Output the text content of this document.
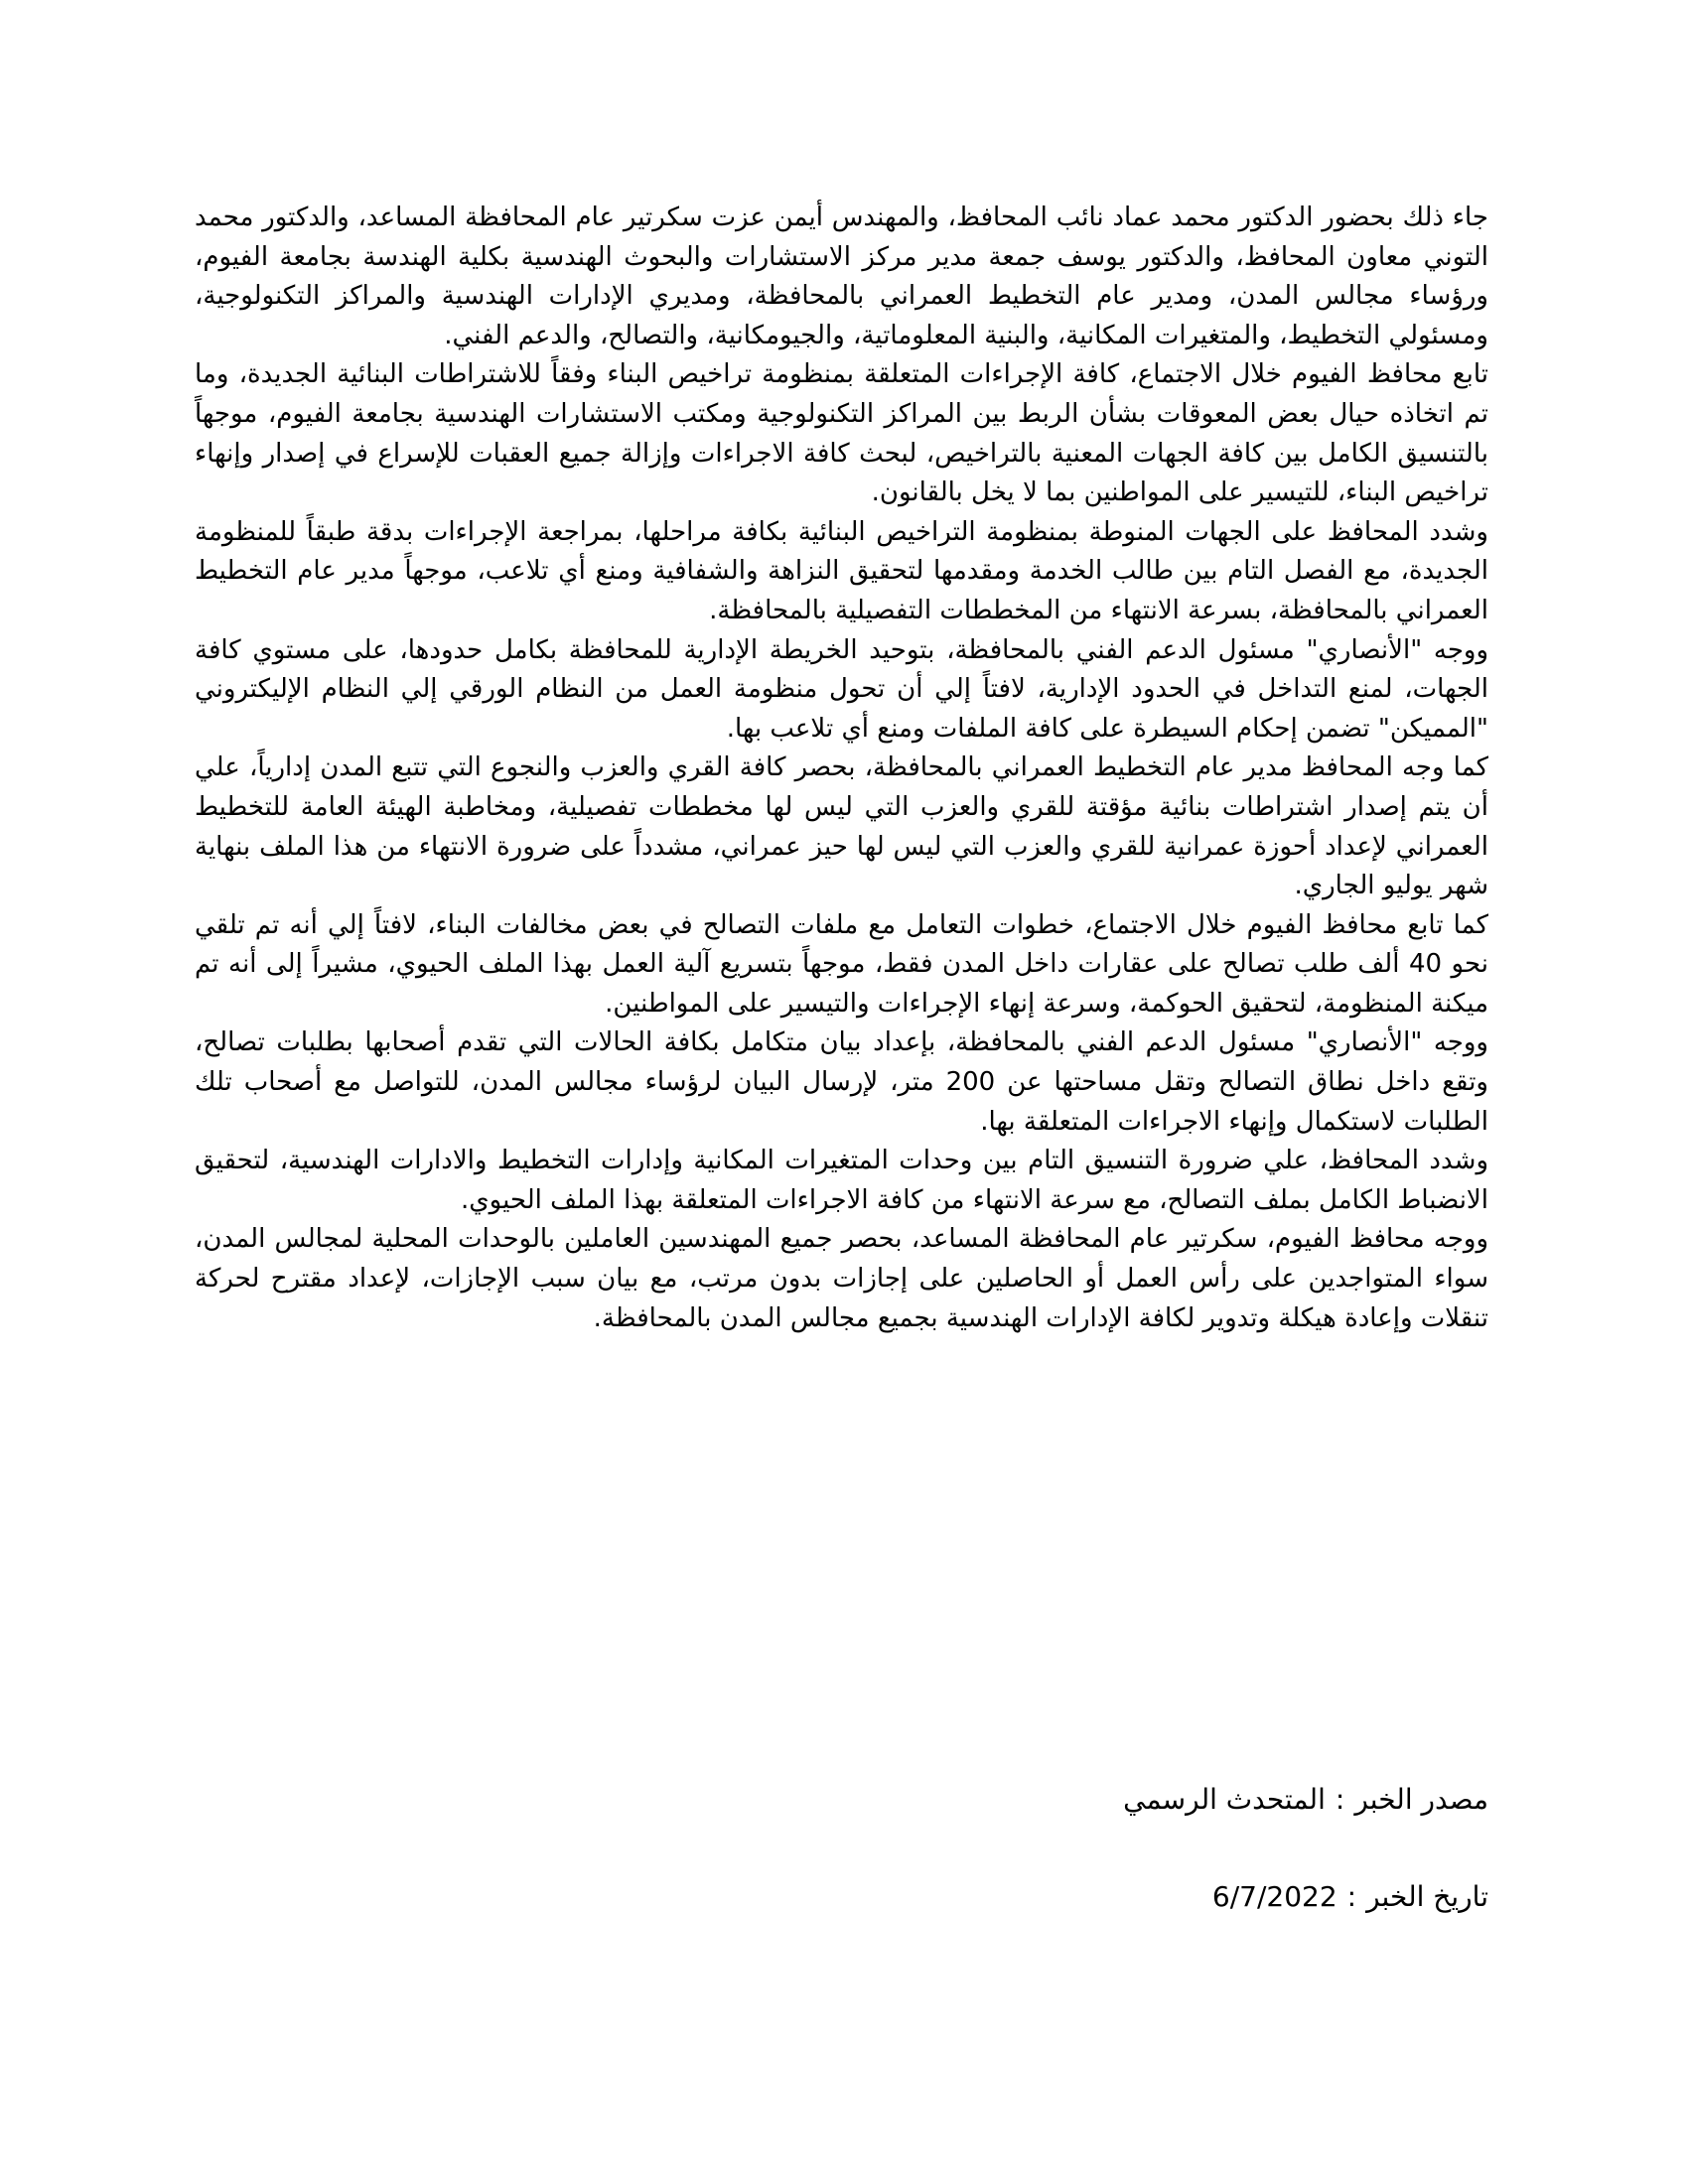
جاء ذلك بحضور الدكتور محمد عماد نائب المحافظ، والمهندس أيمن عزت سكرتير عام المحافظة المساعد، والدكتور محمد التوني معاون المحافظ، والدكتور يوسف جمعة مدير مركز الاستشارات والبحوث الهندسية بكلية الهندسة بجامعة الفيوم، ورؤساء مجالس المدن، ومدير عام التخطيط العمراني بالمحافظة، ومديري الإدارات الهندسية والمراكز التكنولوجية، ومسئولي التخطيط، والمتغيرات المكانية، والبنية المعلوماتية، والجيومكانية، والتصالح، والدعم الفني.

تابع محافظ الفيوم خلال الاجتماع، كافة الإجراءات المتعلقة بمنظومة تراخيص البناء وفقاً للاشتراطات البنائية الجديدة، وما تم اتخاذه حيال بعض المعوقات بشأن الربط بين المراكز التكنولوجية ومكتب الاستشارات الهندسية بجامعة الفيوم، موجهاً بالتنسيق الكامل بين كافة الجهات المعنية بالتراخيص، لبحث كافة الاجراءات وإزالة جميع العقبات للإسراع في إصدار وإنهاء تراخيص البناء، للتيسير على المواطنين بما لا يخل بالقانون.

وشدد المحافظ على الجهات المنوطة بمنظومة التراخيص البنائية بكافة مراحلها، بمراجعة الإجراءات بدقة طبقاً للمنظومة الجديدة، مع الفصل التام بين طالب الخدمة ومقدمها لتحقيق النزاهة والشفافية ومنع أي تلاعب، موجهاً مدير عام التخطيط العمراني بالمحافظة، بسرعة الانتهاء من المخططات التفصيلية بالمحافظة.

ووجه "الأنصاري" مسئول الدعم الفني بالمحافظة، بتوحيد الخريطة الإدارية للمحافظة بكامل حدودها، على مستوي كافة الجهات، لمنع التداخل في الحدود الإدارية، لافتاً إلي أن تحول منظومة العمل من النظام الورقي إلي النظام الإليكتروني "المميكن" تضمن إحكام السيطرة على كافة الملفات ومنع أي تلاعب بها.

كما وجه المحافظ مدير عام التخطيط العمراني بالمحافظة، بحصر كافة القري والعزب والنجوع التي تتبع المدن إدارياً، علي أن يتم إصدار اشتراطات بنائية مؤقتة للقري والعزب التي ليس لها مخططات تفصيلية، ومخاطبة الهيئة العامة للتخطيط العمراني لإعداد أحوزة عمرانية للقري والعزب التي ليس لها حيز عمراني، مشدداً على ضرورة الانتهاء من هذا الملف بنهاية شهر يوليو الجاري.

كما تابع محافظ الفيوم خلال الاجتماع، خطوات التعامل مع ملفات التصالح في بعض مخالفات البناء، لافتاً إلي أنه تم تلقي نحو 40 ألف طلب تصالح على عقارات داخل المدن فقط، موجهاً بتسريع آلية العمل بهذا الملف الحيوي، مشيراً إلى أنه تم ميكنة المنظومة، لتحقيق الحوكمة، وسرعة إنهاء الإجراءات والتيسير على المواطنين.

ووجه "الأنصاري" مسئول الدعم الفني بالمحافظة، بإعداد بيان متكامل بكافة الحالات التي تقدم أصحابها بطلبات تصالح، وتقع داخل نطاق التصالح وتقل مساحتها عن 200 متر، لإرسال البيان لرؤساء مجالس المدن، للتواصل مع أصحاب تلك الطلبات لاستكمال وإنهاء الاجراءات المتعلقة بها.

وشدد المحافظ، علي ضرورة التنسيق التام بين وحدات المتغيرات المكانية وإدارات التخطيط والادارات الهندسية، لتحقيق الانضباط الكامل بملف التصالح، مع سرعة الانتهاء من كافة الاجراءات المتعلقة بهذا الملف الحيوي.

ووجه محافظ الفيوم، سكرتير عام المحافظة المساعد، بحصر جميع المهندسين العاملين بالوحدات المحلية لمجالس المدن، سواء المتواجدين على رأس العمل أو الحاصلين على إجازات بدون مرتب، مع بيان سبب الإجازات، لإعداد مقترح لحركة تنقلات وإعادة هيكلة وتدوير لكافة الإدارات الهندسية بجميع مجالس المدن بالمحافظة.

مصدر الخبر:المتحدث الرسمي
تاريخ الخبر:6/7/2022
